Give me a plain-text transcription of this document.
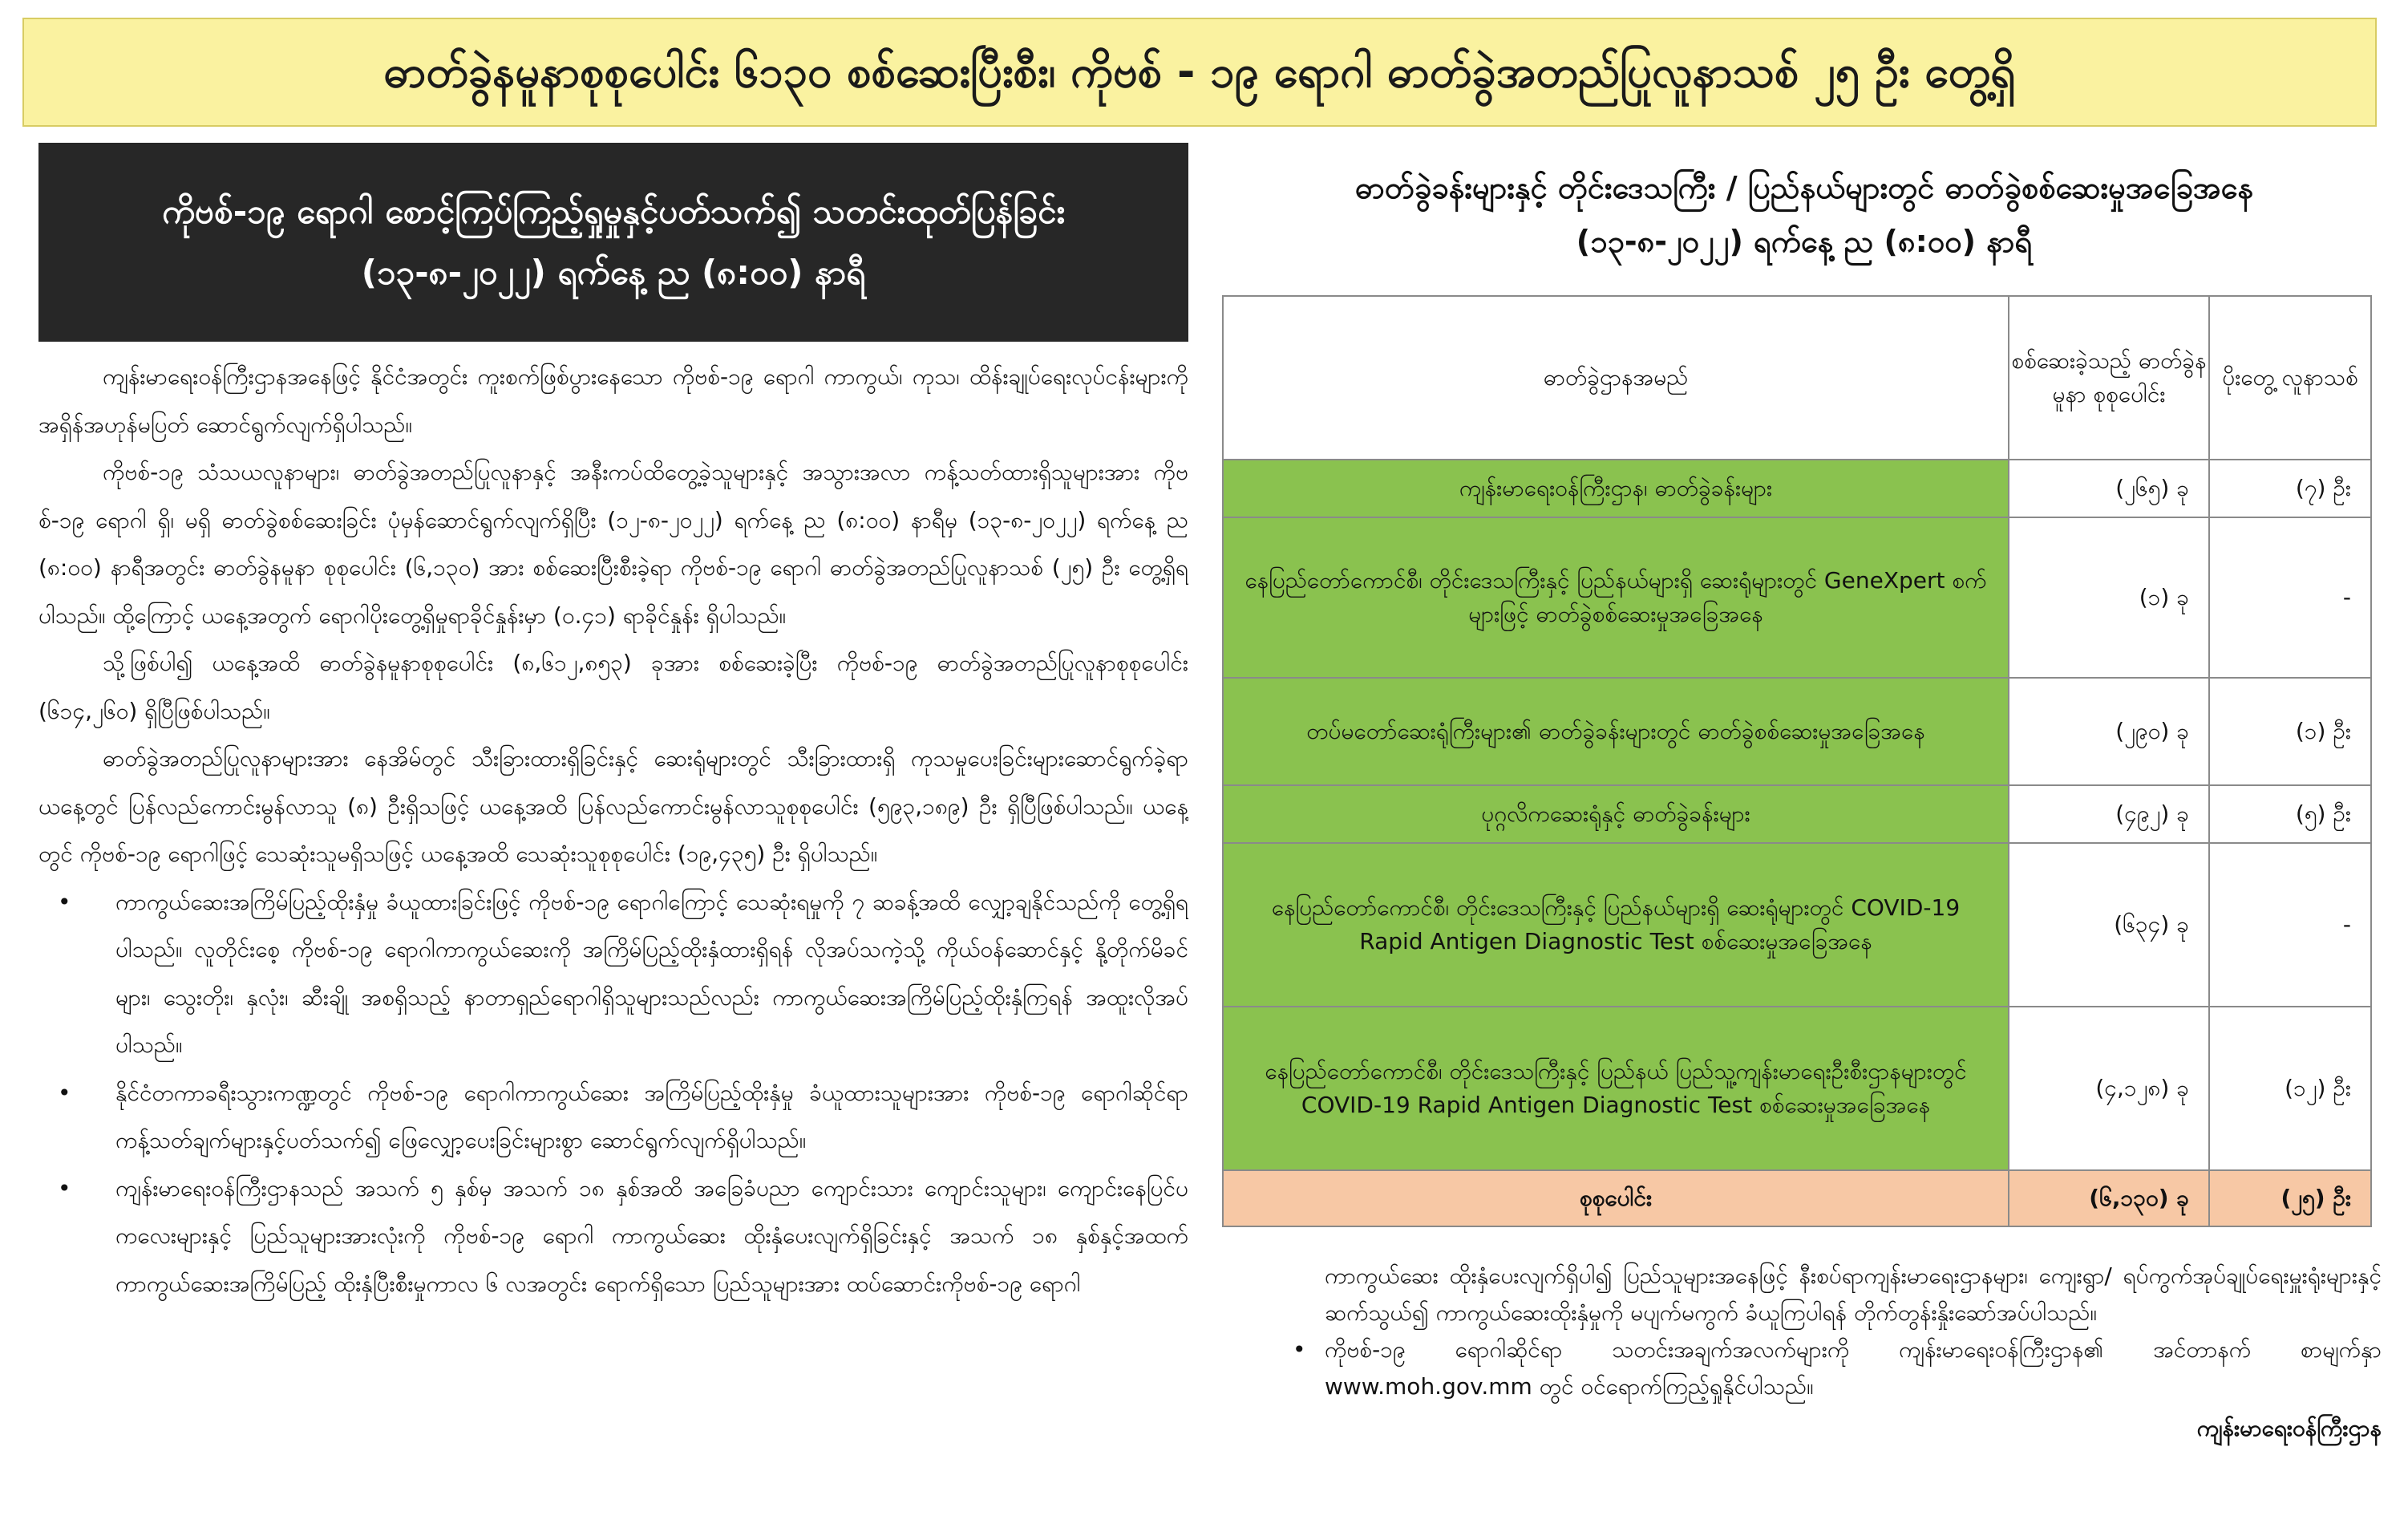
ဓာတ်ခွဲနမူနာစုစုပေါင်း ၆၁၃၀ စစ်ဆေးပြီးစီး၊ ကိုဗစ် - ၁၉ ရောဂါ ဓာတ်ခွဲအတည်ပြုလူနာသစ် ၂၅ ဦး တွေ့ရှိ
ကိုဗစ်-၁၉ ရောဂါ စောင့်ကြပ်ကြည့်ရှုမှုနှင့်ပတ်သက်၍ သတင်းထုတ်ပြန်ခြင်း
(၁၃-၈-၂၀၂၂) ရက်နေ့ ည (၈:၀၀) နာရီ
ဓာတ်ခွဲခန်းများနှင့် တိုင်းဒေသကြီး / ပြည်နယ်များတွင် ဓာတ်ခွဲစစ်ဆေးမှုအခြေအနေ
(၁၃-၈-၂၀၂၂) ရက်နေ့ ည (၈:၀၀) နာရီ

ကျန်းမာရေးဝန်ကြီးဌာနအနေဖြင့် နိုင်ငံအတွင်း ကူးစက်ဖြစ်ပွားနေသော ကိုဗစ်-၁၉ ရောဂါ ကာကွယ်၊ ကုသ၊ ထိန်းချုပ်ရေးလုပ်ငန်းများကို အရှိန်အဟုန်မပြတ် ဆောင်ရွက်လျက်ရှိပါသည်။

ကိုဗစ်-၁၉ သံသယလူနာများ၊ ဓာတ်ခွဲအတည်ပြုလူနာနှင့် အနီးကပ်ထိတွေ့ခဲ့သူများနှင့် အသွားအလာ ကန့်သတ်ထားရှိသူများအား ကိုဗစ်-၁၉ ရောဂါ ရှိ၊ မရှိ ဓာတ်ခွဲစစ်ဆေးခြင်း ပုံမှန်ဆောင်ရွက်လျက်ရှိပြီး (၁၂-၈-၂၀၂၂) ရက်နေ့ ည (၈:၀၀) နာရီမှ (၁၃-၈-၂၀၂၂) ရက်နေ့ ည (၈:၀၀) နာရီအတွင်း ဓာတ်ခွဲနမူနာ စုစုပေါင်း (၆,၁၃၀) အား စစ်ဆေးပြီးစီးခဲ့ရာ ကိုဗစ်-၁၉ ရောဂါ ဓာတ်ခွဲအတည်ပြုလူနာသစ် (၂၅) ဦး တွေ့ရှိရပါသည်။ ထို့ကြောင့် ယနေ့အတွက် ရောဂါပိုးတွေ့ရှိမှုရာခိုင်နှုန်းမှာ (၀.၄၁) ရာခိုင်နှုန်း ရှိပါသည်။

သို့ဖြစ်ပါ၍ ယနေ့အထိ ဓာတ်ခွဲနမူနာစုစုပေါင်း (၈,၆၁၂,၈၅၃) ခုအား စစ်ဆေးခဲ့ပြီး ကိုဗစ်-၁၉ ဓာတ်ခွဲအတည်ပြုလူနာစုစုပေါင်း (၆၁၄,၂၆၀) ရှိပြီဖြစ်ပါသည်။

ဓာတ်ခွဲအတည်ပြုလူနာများအား နေအိမ်တွင် သီးခြားထားရှိခြင်းနှင့် ဆေးရုံများတွင် သီးခြားထားရှိ ကုသမှုပေးခြင်းများဆောင်ရွက်ခဲ့ရာ ယနေ့တွင် ပြန်လည်ကောင်းမွန်လာသူ (၈) ဦးရှိသဖြင့် ယနေ့အထိ ပြန်လည်ကောင်းမွန်လာသူစုစုပေါင်း (၅၉၃,၁၈၉) ဦး ရှိပြီဖြစ်ပါသည်။ ယနေ့တွင် ကိုဗစ်-၁၉ ရောဂါဖြင့် သေဆုံးသူမရှိသဖြင့် ယနေ့အထိ သေဆုံးသူစုစုပေါင်း (၁၉,၄၃၅) ဦး ရှိပါသည်။

• ကာကွယ်ဆေးအကြိမ်ပြည့်ထိုးနှံမှု ခံယူထားခြင်းဖြင့် ကိုဗစ်-၁၉ ရောဂါကြောင့် သေဆုံးရမှုကို ၇ ဆခန့်အထိ လျှော့ချနိုင်သည်ကို တွေ့ရှိရပါသည်။ လူတိုင်းစေ့ ကိုဗစ်-၁၉ ရောဂါကာကွယ်ဆေးကို အကြိမ်ပြည့်ထိုးနှံထားရှိရန် လိုအပ်သကဲ့သို့ ကိုယ်ဝန်ဆောင်နှင့် နို့တိုက်မိခင်များ၊ သွေးတိုး၊ နှလုံး၊ ဆီးချို အစရှိသည့် နာတာရှည်ရောဂါရှိသူများသည်လည်း ကာကွယ်ဆေးအကြိမ်ပြည့်ထိုးနှံကြရန် အထူးလိုအပ်ပါသည်။
• နိုင်ငံတကာခရီးသွားကဏ္ဍတွင် ကိုဗစ်-၁၉ ရောဂါကာကွယ်ဆေး အကြိမ်ပြည့်ထိုးနှံမှု ခံယူထားသူများအား ကိုဗစ်-၁၉ ရောဂါဆိုင်ရာ ကန့်သတ်ချက်များနှင့်ပတ်သက်၍ ဖြေလျှော့ပေးခြင်းများစွာ ဆောင်ရွက်လျက်ရှိပါသည်။
• ကျန်းမာရေးဝန်ကြီးဌာနသည် အသက် ၅ နှစ်မှ အသက် ၁၈ နှစ်အထိ အခြေခံပညာ ကျောင်းသား ကျောင်းသူများ၊ ကျောင်းနေပြင်ပကလေးများနှင့် ပြည်သူများအားလုံးကို ကိုဗစ်-၁၉ ရောဂါ ကာကွယ်ဆေး ထိုးနှံပေးလျက်ရှိခြင်းနှင့် အသက် ၁၈ နှစ်နှင့်အထက် ကာကွယ်ဆေးအကြိမ်ပြည့် ထိုးနှံပြီးစီးမှုကာလ ၆ လအတွင်း ရောက်ရှိသော ပြည်သူများအား ထပ်ဆောင်းကိုဗစ်-၁၉ ရောဂါ
ဓာတ်ခွဲဌာနအမည်	စစ်ဆေးခဲ့သည့် ဓာတ်ခွဲနမူနာ စုစုပေါင်း	ပိုးတွေ့ လူနာသစ်
ကျန်းမာရေးဝန်ကြီးဌာန၊ ဓာတ်ခွဲခန်းများ	(၂၆၅) ခု	(၇) ဦး
နေပြည်တော်ကောင်စီ၊ တိုင်းဒေသကြီးနှင့် ပြည်နယ်များရှိ ဆေးရုံများတွင် GeneXpert စက်များဖြင့် ဓာတ်ခွဲစစ်ဆေးမှုအခြေအနေ	(၁) ခု	-
တပ်မတော်ဆေးရုံကြီးများ၏ ဓာတ်ခွဲခန်းများတွင် ဓာတ်ခွဲစစ်ဆေးမှုအခြေအနေ	(၂၉၀) ခု	(၁) ဦး
ပုဂ္ဂလိကဆေးရုံနှင့် ဓာတ်ခွဲခန်းများ	(၄၉၂) ခု	(၅) ဦး
နေပြည်တော်ကောင်စီ၊ တိုင်းဒေသကြီးနှင့် ပြည်နယ်များရှိ ဆေးရုံများတွင် COVID-19 Rapid Antigen Diagnostic Test စစ်ဆေးမှုအခြေအနေ	(၆၃၄) ခု	-
နေပြည်တော်ကောင်စီ၊ တိုင်းဒေသကြီးနှင့် ပြည်နယ် ပြည်သူ့ကျန်းမာရေးဦးစီးဌာနများတွင် COVID-19 Rapid Antigen Diagnostic Test စစ်ဆေးမှုအခြေအနေ	(၄,၁၂၈) ခု	(၁၂) ဦး
စုစုပေါင်း	(၆,၁၃၀) ခု	(၂၅) ဦး

ကာကွယ်ဆေး ထိုးနှံပေးလျက်ရှိပါ၍ ပြည်သူများအနေဖြင့် နီးစပ်ရာကျန်းမာရေးဌာနများ၊ ကျေးရွာ/ ရပ်ကွက်အုပ်ချုပ်ရေးမှူးရုံးများနှင့်ဆက်သွယ်၍ ကာကွယ်ဆေးထိုးနှံမှုကို မပျက်မကွက် ခံယူကြပါရန် တိုက်တွန်းနှိုးဆော်အပ်ပါသည်။

• ကိုဗစ်-၁၉ ရောဂါဆိုင်ရာ သတင်းအချက်အလက်များကို ကျန်းမာရေးဝန်ကြီးဌာန၏ အင်တာနက် စာမျက်နှာ www.moh.gov.mm တွင် ဝင်ရောက်ကြည့်ရှုနိုင်ပါသည်။
ကျန်းမာရေးဝန်ကြီးဌာန
